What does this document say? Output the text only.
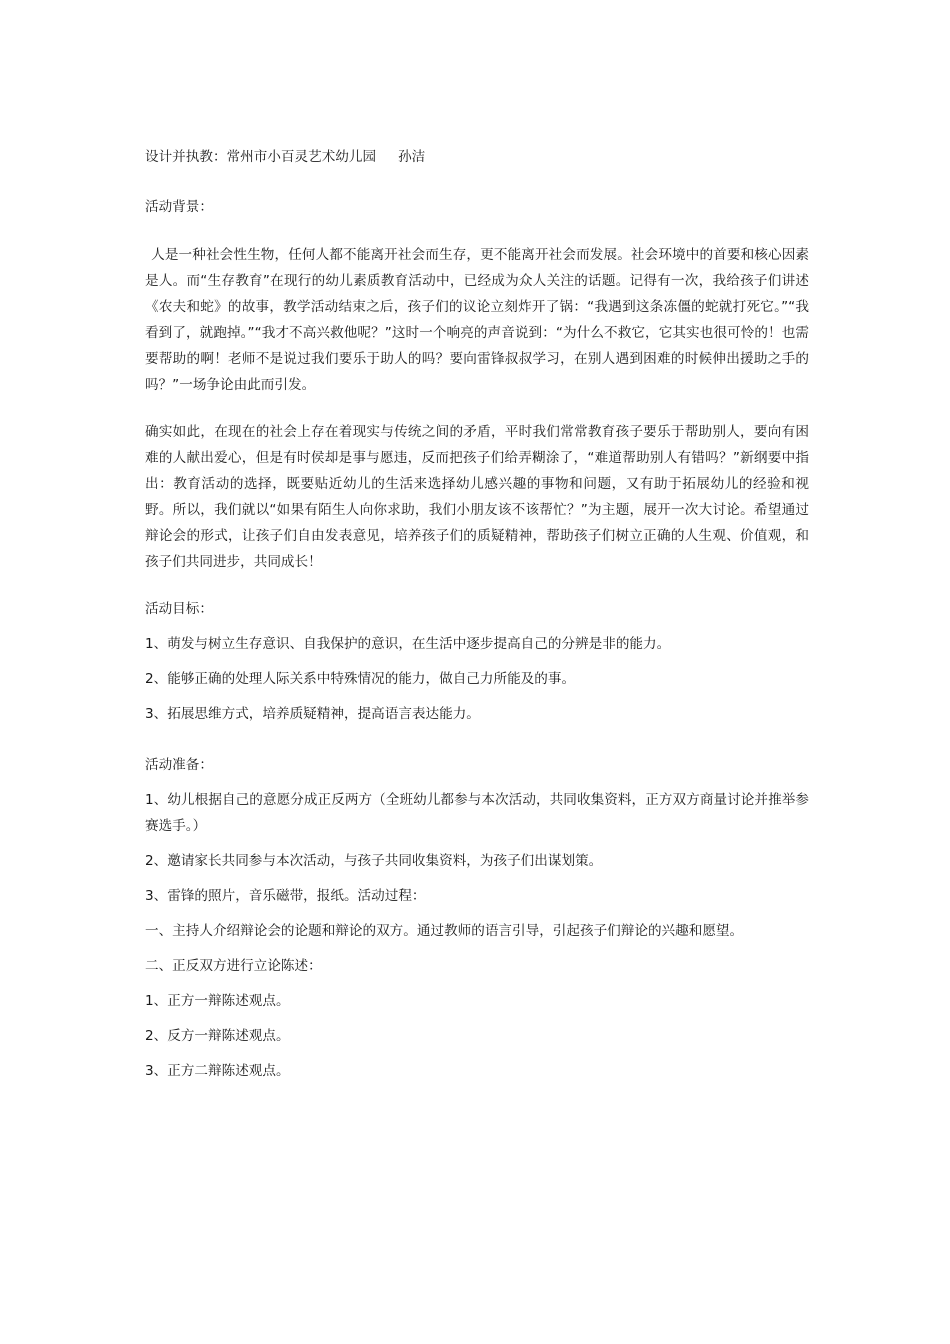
设计并执教：常州市小百灵艺术幼儿园 孙洁

活动背景：

人是一种社会性生物，任何人都不能离开社会而生存，更不能离开社会而发展。社会环境中的首要和核心因素是人。而“生存教育”在现行的幼儿素质教育活动中，已经成为众人关注的话题。记得有一次，我给孩子们讲述《农夫和蛇》的故事，教学活动结束之后，孩子们的议论立刻炸开了锅：“我遇到这条冻僵的蛇就打死它。”“我看到了，就跑掉。”“我才不高兴救他呢？”这时一个响亮的声音说到：“为什么不救它，它其实也很可怜的！也需要帮助的啊！老师不是说过我们要乐于助人的吗？要向雷锋叔叔学习，在别人遇到困难的时候伸出援助之手的吗？”一场争论由此而引发。

确实如此，在现在的社会上存在着现实与传统之间的矛盾，平时我们常常教育孩子要乐于帮助别人，要向有困难的人献出爱心，但是有时侯却是事与愿违，反而把孩子们给弄糊涂了，“难道帮助别人有错吗？”新纲要中指出：教育活动的选择，既要贴近幼儿的生活来选择幼儿感兴趣的事物和问题，又有助于拓展幼儿的经验和视野。所以，我们就以“如果有陌生人向你求助，我们小朋友该不该帮忙？”为主题，展开一次大讨论。希望通过辩论会的形式，让孩子们自由发表意见，培养孩子们的质疑精神，帮助孩子们树立正确的人生观、价值观，和孩子们共同进步，共同成长！

活动目标：

1、萌发与树立生存意识、自我保护的意识，在生活中逐步提高自己的分辨是非的能力。

2、能够正确的处理人际关系中特殊情况的能力，做自己力所能及的事。

3、拓展思维方式，培养质疑精神，提高语言表达能力。

活动准备：

1、幼儿根据自己的意愿分成正反两方（全班幼儿都参与本次活动，共同收集资料，正方双方商量讨论并推举参赛选手。）

2、邀请家长共同参与本次活动，与孩子共同收集资料，为孩子们出谋划策。

3、雷锋的照片，音乐磁带，报纸。活动过程：

一、主持人介绍辩论会的论题和辩论的双方。通过教师的语言引导，引起孩子们辩论的兴趣和愿望。

二、正反双方进行立论陈述：

1、正方一辩陈述观点。

2、反方一辩陈述观点。

3、正方二辩陈述观点。
